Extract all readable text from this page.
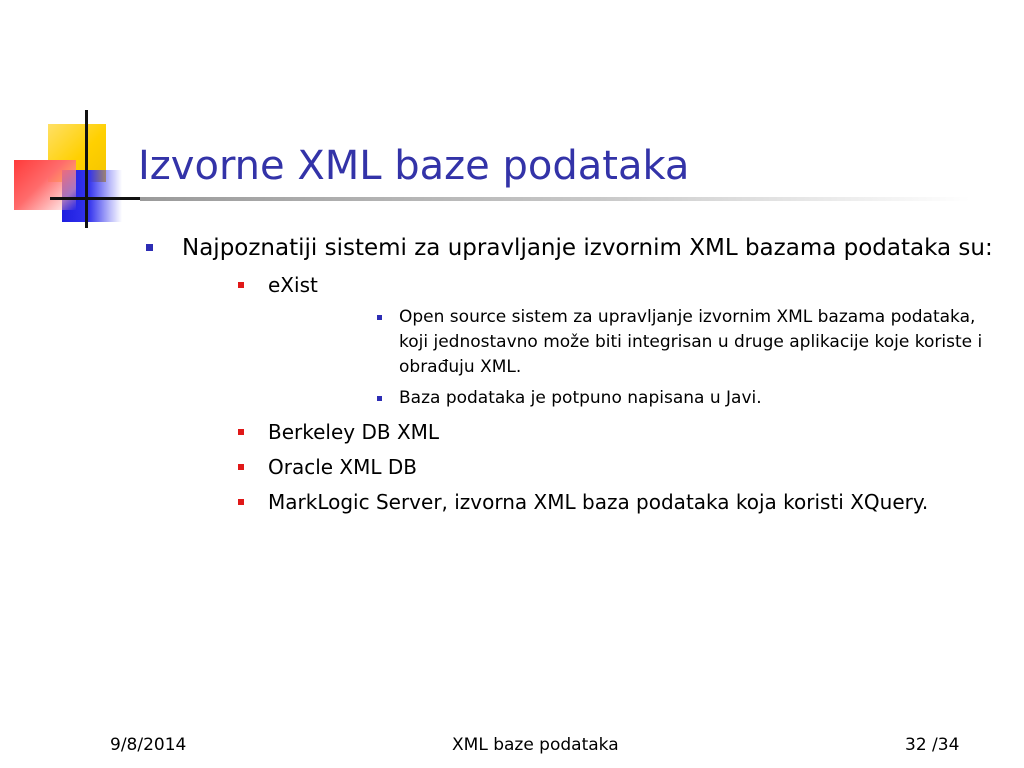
Izvorne XML baze podataka
Najpoznatiji sistemi za upravljanje izvornim XML bazama podataka su:
eXist
Open source sistem za upravljanje izvornim XML bazama podataka, koji jednostavno može biti integrisan u druge aplikacije koje koriste i obrađuju XML.
Baza podataka je potpuno napisana u Javi.
Berkeley DB XML
Oracle XML DB
MarkLogic Server, izvorna XML baza podataka koja koristi XQuery.
9/8/2014	XML baze podataka	32 /34
